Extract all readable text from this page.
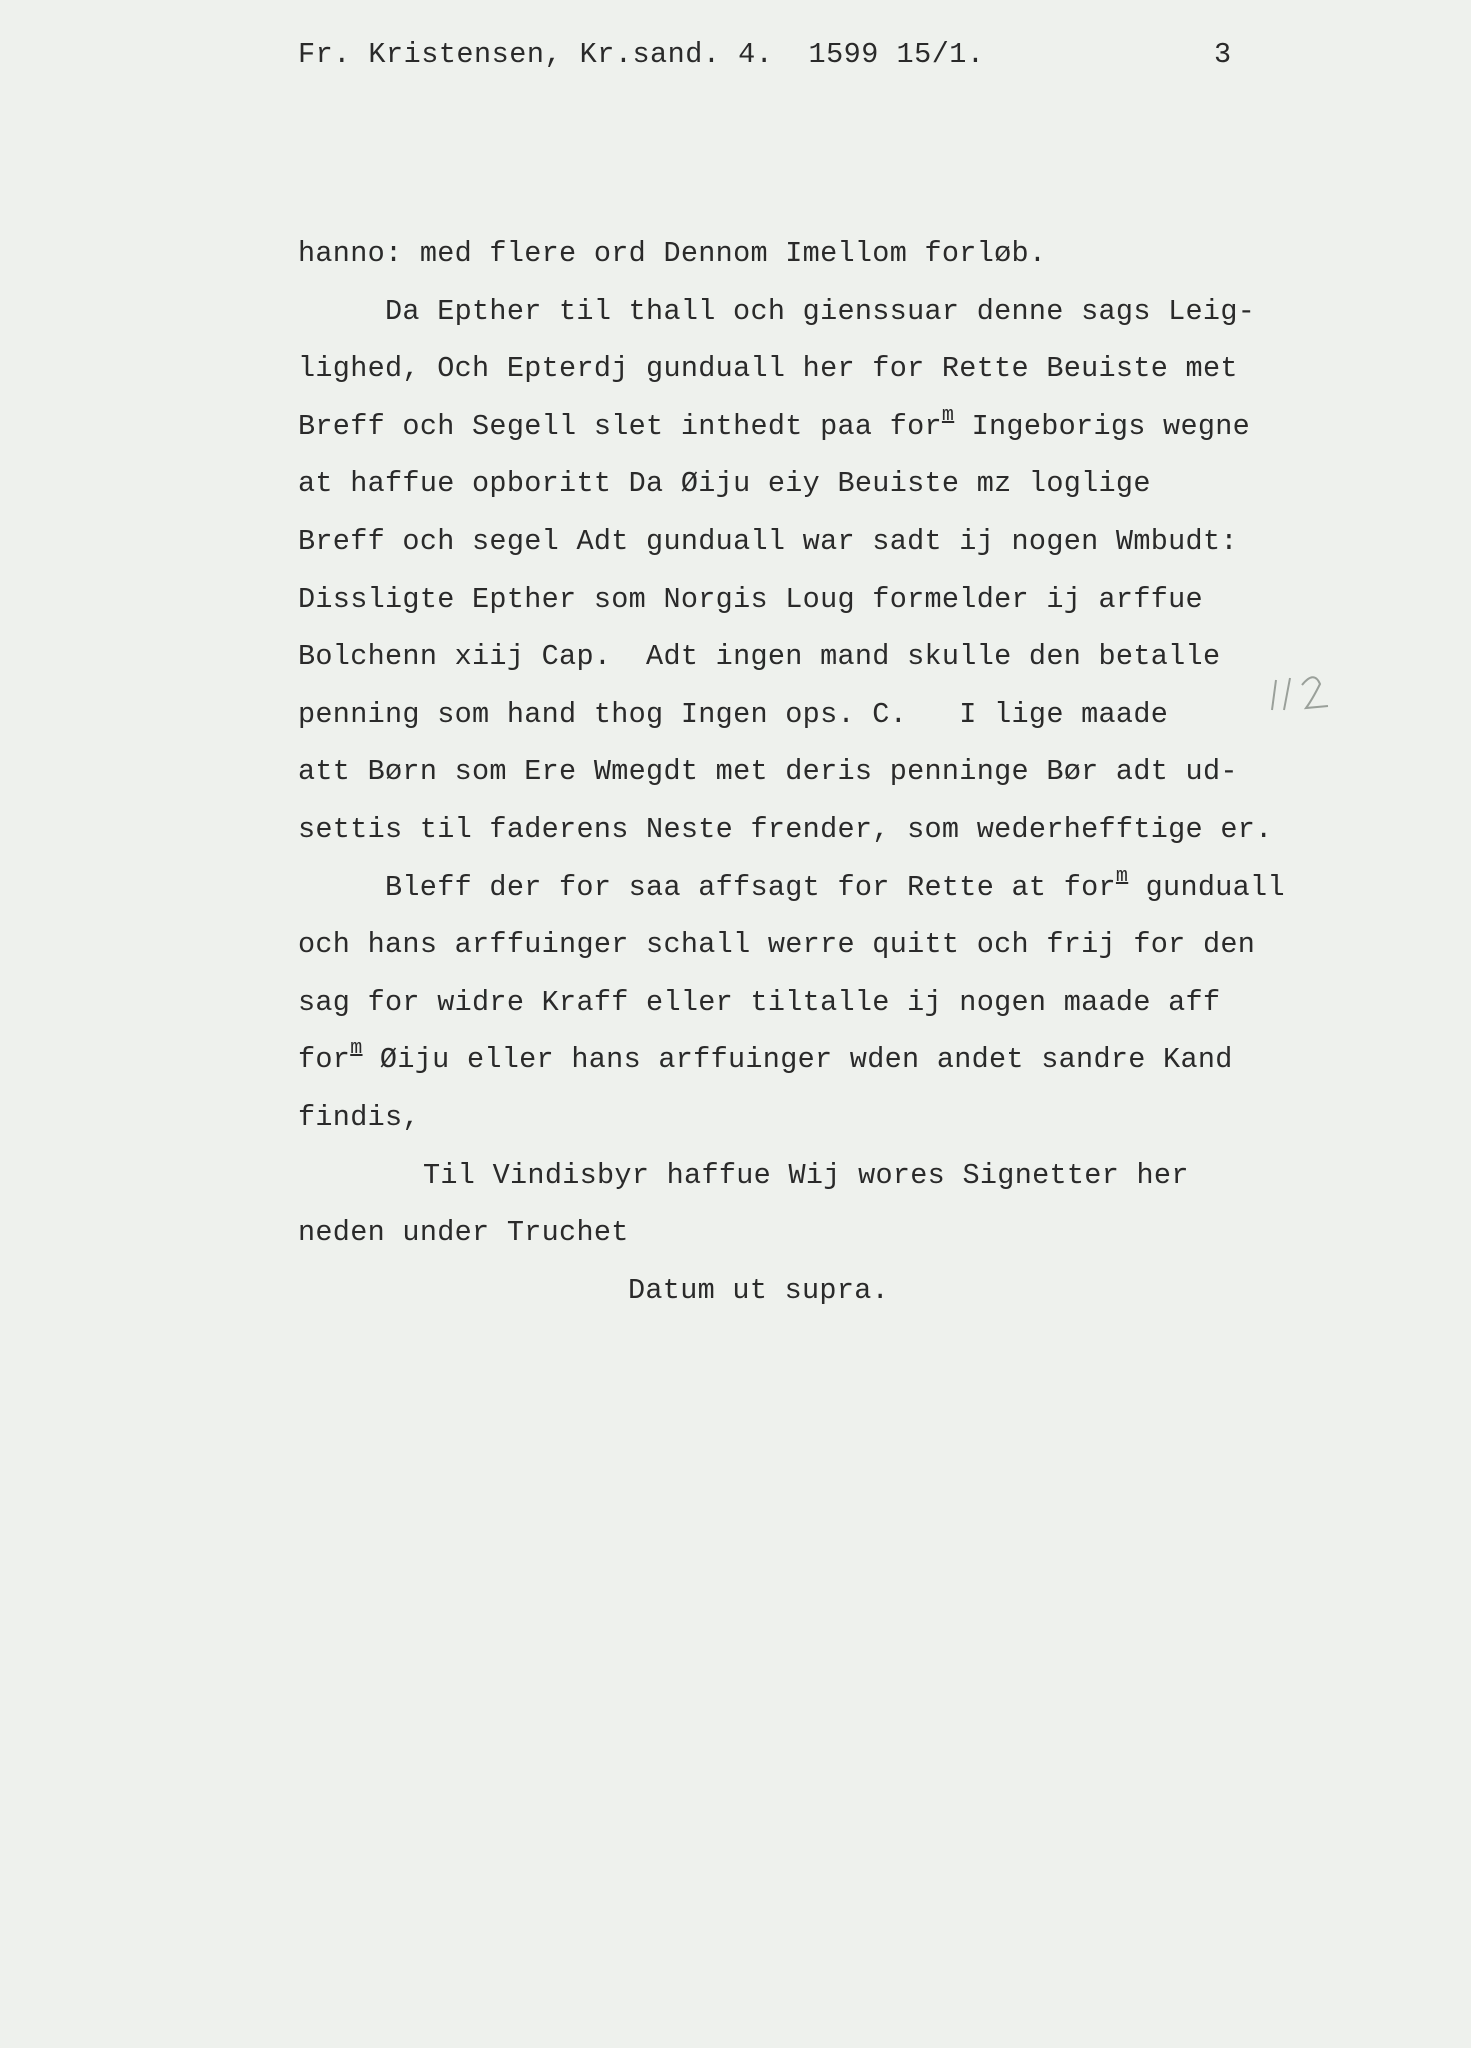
Fr. Kristensen, Kr.sand. 4.  1599 15/1.	3
hanno: med flere ord Dennom Imellom forløb.
Da Epther til thall och gienssuar denne sags Leig-
lighed, Och Epterdj gunduall her for Rette Beuiste met
Breff och Segell slet inthedt paa for$^m$ Ingeborigs wegne
at haffue opboritt Da Øiju eiy Beuiste mz loglige
Breff och segel Adt gunduall war sadt ij nogen Wmbudt:
Dissligte Epther som Norgis Loug formelder ij arffue
Bolchenn xiij Cap.  Adt ingen mand skulle den betalle
penning som hand thog Ingen ops. C.   I lige maade
att Børn som Ere Wmegdt met deris penninge Bør adt ud-
settis til faderens Neste frender, som wederhefftige er.
Bleff der for saa affsagt for Rette at for$^m$ gunduall
och hans arffuinger schall werre quitt och frij for den
sag for widre Kraff eller tiltalle ij nogen maade aff
for$^m$ Øiju eller hans arffuinger wden andet sandre Kand
findis,
Til Vindisbyr haffue Wij wores Signetter her
neden under Truchet
Datum ut supra.
